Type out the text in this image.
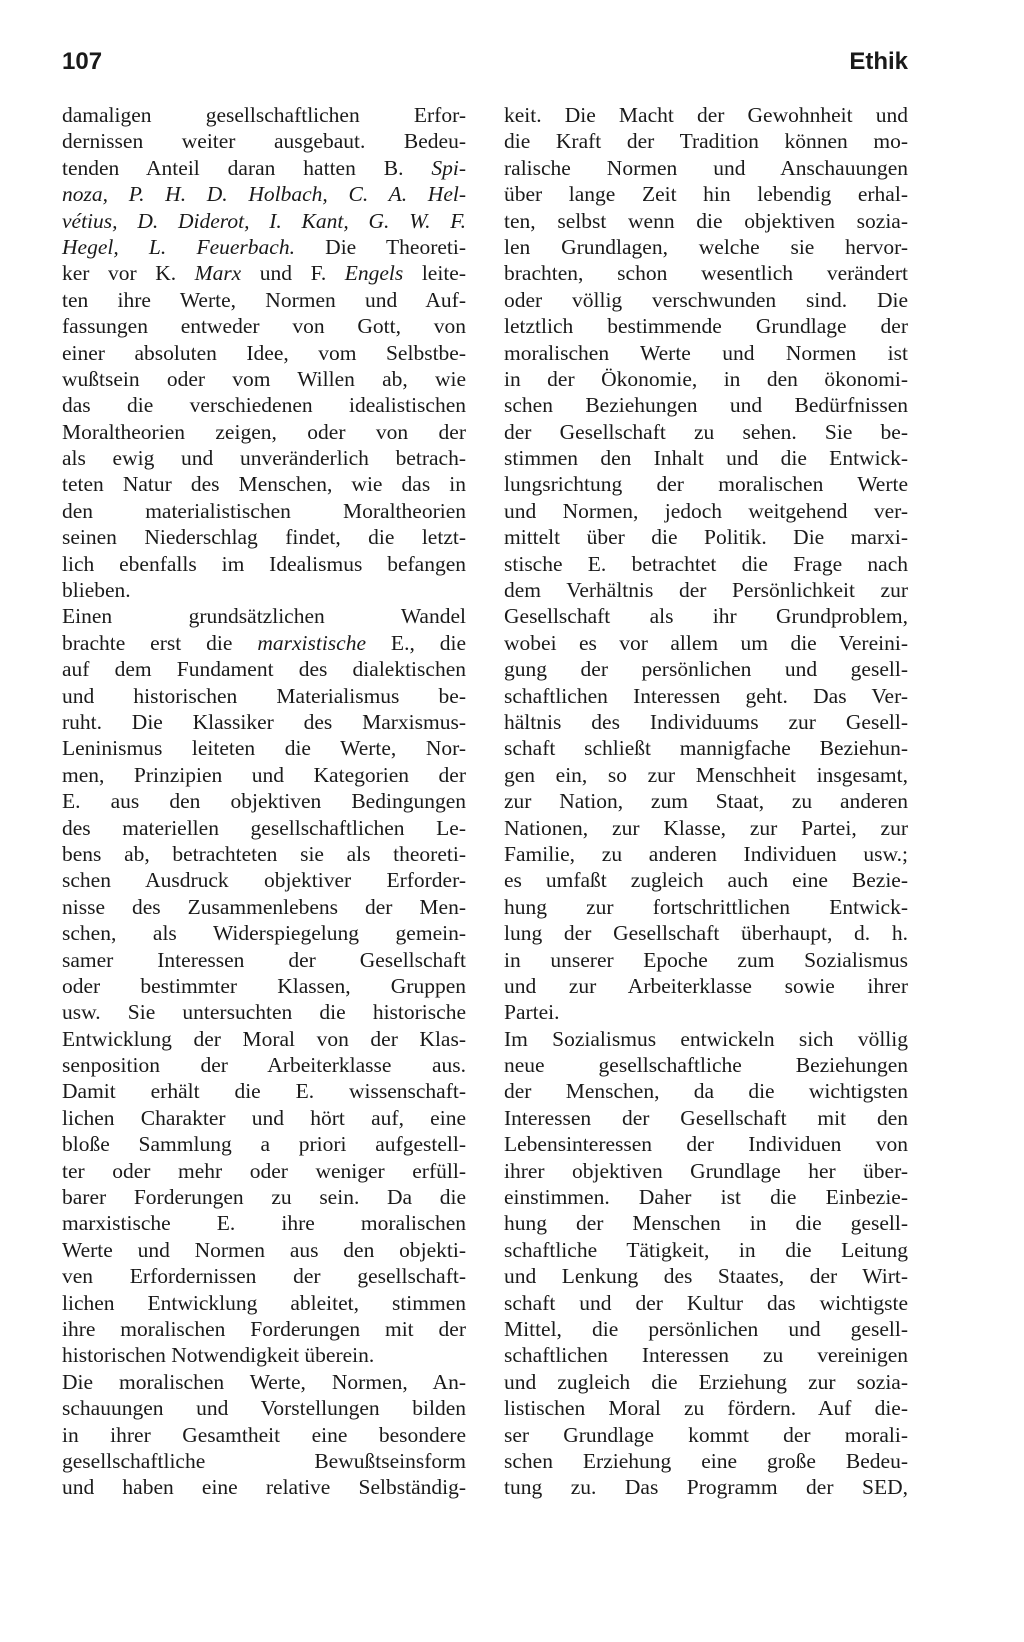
107	Ethik
damaligen gesellschaftlichen Erfor-
dernissen weiter ausgebaut. Bedeu-
tenden Anteil daran hatten B. Spi-
noza, P. H. D. Holbach, C. A. Hel-
vétius, D. Diderot, I. Kant, G. W. F.
Hegel, L. Feuerbach. Die Theoreti-
ker vor K. Marx und F. Engels leite-
ten ihre Werte, Normen und Auf-
fassungen entweder von Gott, von
einer absoluten Idee, vom Selbstbe-
wußtsein oder vom Willen ab, wie
das die verschiedenen idealistischen
Moraltheorien zeigen, oder von der
als ewig und unveränderlich betrach-
teten Natur des Menschen, wie das in
den materialistischen Moraltheorien
seinen Niederschlag findet, die letzt-
lich ebenfalls im Idealismus befangen
blieben.
Einen grundsätzlichen Wandel
brachte erst die marxistische E., die
auf dem Fundament des dialektischen
und historischen Materialismus be-
ruht. Die Klassiker des Marxismus-
Leninismus leiteten die Werte, Nor-
men, Prinzipien und Kategorien der
E. aus den objektiven Bedingungen
des materiellen gesellschaftlichen Le-
bens ab, betrachteten sie als theoreti-
schen Ausdruck objektiver Erforder-
nisse des Zusammenlebens der Men-
schen, als Widerspiegelung gemein-
samer Interessen der Gesellschaft
oder bestimmter Klassen, Gruppen
usw. Sie untersuchten die historische
Entwicklung der Moral von der Klas-
senposition der Arbeiterklasse aus.
Damit erhält die E. wissenschaft-
lichen Charakter und hört auf, eine
bloße Sammlung a priori aufgestell-
ter oder mehr oder weniger erfüll-
barer Forderungen zu sein. Da die
marxistische E. ihre moralischen
Werte und Normen aus den objekti-
ven Erfordernissen der gesellschaft-
lichen Entwicklung ableitet, stimmen
ihre moralischen Forderungen mit der
historischen Notwendigkeit überein.
Die moralischen Werte, Normen, An-
schauungen und Vorstellungen bilden
in ihrer Gesamtheit eine besondere
gesellschaftliche Bewußtseinsform
und haben eine relative Selbständig-
keit. Die Macht der Gewohnheit und
die Kraft der Tradition können mo-
ralische Normen und Anschauungen
über lange Zeit hin lebendig erhal-
ten, selbst wenn die objektiven sozia-
len Grundlagen, welche sie hervor-
brachten, schon wesentlich verändert
oder völlig verschwunden sind. Die
letztlich bestimmende Grundlage der
moralischen Werte und Normen ist
in der Ökonomie, in den ökonomi-
schen Beziehungen und Bedürfnissen
der Gesellschaft zu sehen. Sie be-
stimmen den Inhalt und die Entwick-
lungsrichtung der moralischen Werte
und Normen, jedoch weitgehend ver-
mittelt über die Politik. Die marxi-
stische E. betrachtet die Frage nach
dem Verhältnis der Persönlichkeit zur
Gesellschaft als ihr Grundproblem,
wobei es vor allem um die Vereini-
gung der persönlichen und gesell-
schaftlichen Interessen geht. Das Ver-
hältnis des Individuums zur Gesell-
schaft schließt mannigfache Beziehun-
gen ein, so zur Menschheit insgesamt,
zur Nation, zum Staat, zu anderen
Nationen, zur Klasse, zur Partei, zur
Familie, zu anderen Individuen usw.;
es umfaßt zugleich auch eine Bezie-
hung zur fortschrittlichen Entwick-
lung der Gesellschaft überhaupt, d. h.
in unserer Epoche zum Sozialismus
und zur Arbeiterklasse sowie ihrer
Partei.
Im Sozialismus entwickeln sich völlig
neue gesellschaftliche Beziehungen
der Menschen, da die wichtigsten
Interessen der Gesellschaft mit den
Lebensinteressen der Individuen von
ihrer objektiven Grundlage her über-
einstimmen. Daher ist die Einbezie-
hung der Menschen in die gesell-
schaftliche Tätigkeit, in die Leitung
und Lenkung des Staates, der Wirt-
schaft und der Kultur das wichtigste
Mittel, die persönlichen und gesell-
schaftlichen Interessen zu vereinigen
und zugleich die Erziehung zur sozia-
listischen Moral zu fördern. Auf die-
ser Grundlage kommt der morali-
schen Erziehung eine große Bedeu-
tung zu. Das Programm der SED,
